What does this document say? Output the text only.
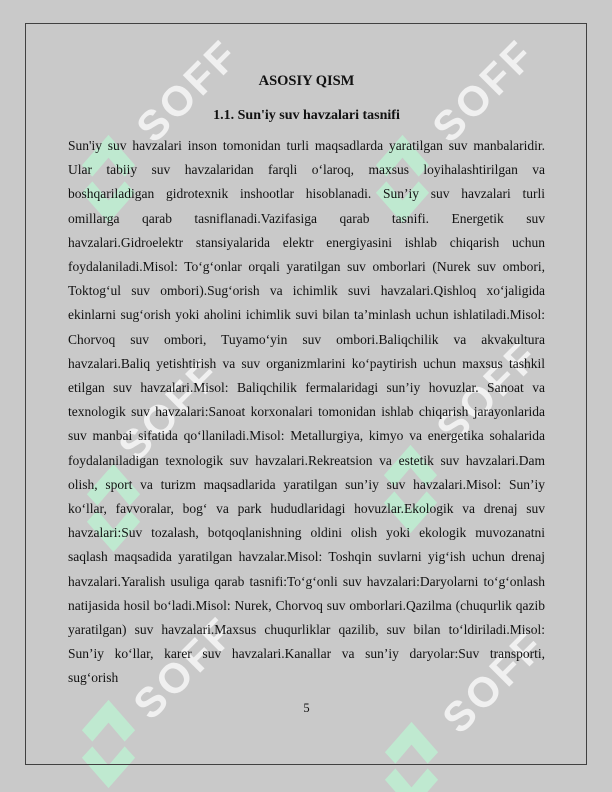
SOFF	SOFF
SOFF	SOFF
SOFF	SOFF
ASOSIY QISM
1.1. Sun'iy suv havzalari tasnifi
Sun'iy suv havzalari inson tomonidan turli maqsadlarda yaratilgan suv manbalaridir. Ular tabiiy suv havzalaridan farqli o‘laroq, maxsus loyihalashtirilgan va boshqariladigan gidrotexnik inshootlar hisoblanadi. Sun’iy suv havzalari turli omillarga qarab tasniflanadi.Vazifasiga qarab tasnifi. Energetik suv havzalari.Gidroelektr stansiyalarida elektr energiyasini ishlab chiqarish uchun foydalaniladi.Misol: To‘g‘onlar orqali yaratilgan suv omborlari (Nurek suv ombori, Toktog‘ul suv ombori).Sug‘orish va ichimlik suvi havzalari.Qishloq xo‘jaligida ekinlarni sug‘orish yoki aholini ichimlik suvi bilan ta’minlash uchun ishlatiladi.Misol: Chorvoq suv ombori, Tuyamo‘yin suv ombori.Baliqchilik va akvakultura havzalari.Baliq yetishtirish va suv organizmlarini ko‘paytirish uchun maxsus tashkil etilgan suv havzalari.Misol: Baliqchilik fermalaridagi sun’iy hovuzlar. Sanoat va texnologik suv havzalari:Sanoat korxonalari tomonidan ishlab chiqarish jarayonlarida suv manbai sifatida qo‘llaniladi.Misol: Metallurgiya, kimyo va energetika sohalarida foydalaniladigan texnologik suv havzalari.Rekreatsion va estetik suv havzalari.Dam olish, sport va turizm maqsadlarida yaratilgan sun’iy suv havzalari.Misol: Sun’iy ko‘llar, favvoralar, bog‘ va park hududlaridagi hovuzlar.Ekologik va drenaj suv havzalari:Suv tozalash, botqoqlanishning oldini olish yoki ekologik muvozanatni saqlash maqsadida yaratilgan havzalar.Misol: Toshqin suvlarni yig‘ish uchun drenaj havzalari.Yaralish usuliga qarab tasnifi:To‘g‘onli suv havzalari:Daryolarni to‘g‘onlash natijasida hosil bo‘ladi.Misol: Nurek, Chorvoq suv omborlari.Qazilma (chuqurlik qazib yaratilgan) suv havzalari.Maxsus chuqurliklar qazilib, suv bilan to‘ldiriladi.Misol: Sun’iy ko‘llar, karer suv havzalari.Kanallar va sun’iy daryolar:Suv transporti, sug‘orish
5
